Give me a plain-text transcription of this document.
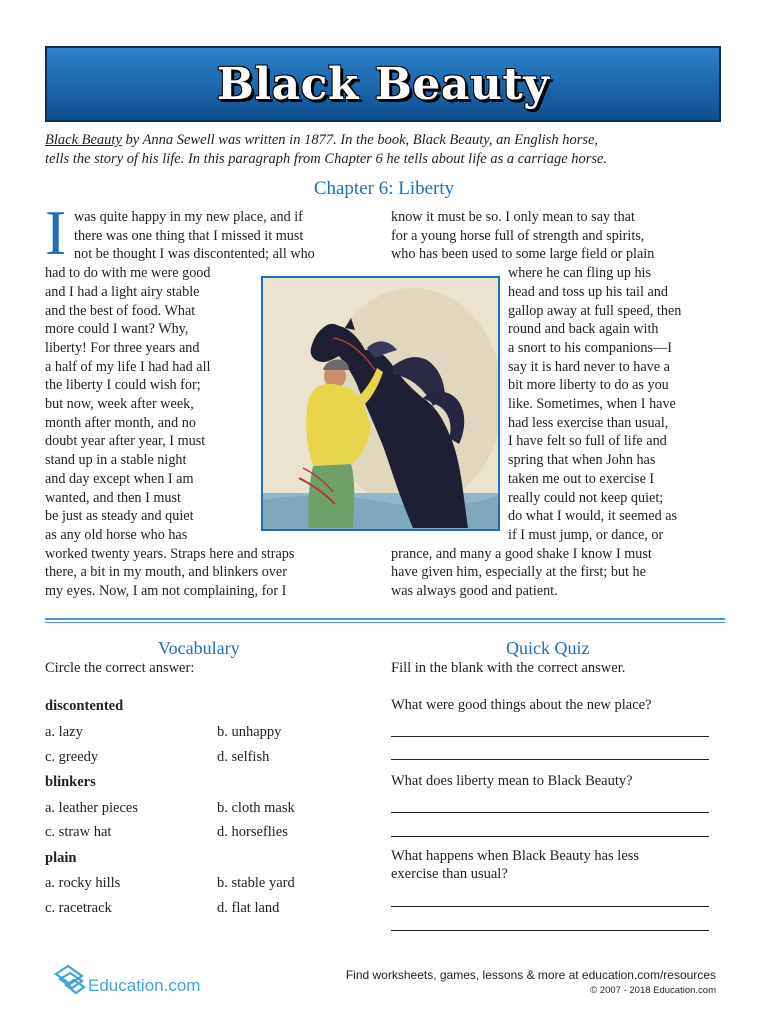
Black Beauty
Black Beauty by Anna Sewell was written in 1877. In the book, Black Beauty, an English horse,
tells the story of his life. In this paragraph from Chapter 6 he tells about life as a carriage horse.
Chapter 6: Liberty
I was quite happy in my new place, and if
there was one thing that I missed it must
not be thought I was discontented; all who
had to do with me were good
and I had a light airy stable
and the best of food. What
more could I want? Why,
liberty! For three years and
a half of my life I had had all
the liberty I could wish for;
but now, week after week,
month after month, and no
doubt year after year, I must
stand up in a stable night
and day except when I am
wanted, and then I must
be just as steady and quiet
as any old horse who has
worked twenty years. Straps here and straps
there, a bit in my mouth, and blinkers over
my eyes. Now, I am not complaining, for I
know it must be so. I only mean to say that
for a young horse full of strength and spirits,
who has been used to some large field or plain
where he can fling up his
head and toss up his tail and
gallop away at full speed, then
round and back again with
a snort to his companions—I
say it is hard never to have a
bit more liberty to do as you
like. Sometimes, when I have
had less exercise than usual,
I have felt so full of life and
spring that when John has
taken me out to exercise I
really could not keep quiet;
do what I would, it seemed as
if I must jump, or dance, or
prance, and many a good shake I know I must
have given him, especially at the first; but he
was always good and patient.
Vocabulary
Circle the correct answer:
discontented
a. lazy	b. unhappy
c. greedy	d. selfish
blinkers
a. leather pieces	b. cloth mask
c. straw hat	d. horseflies
plain
a. rocky hills	b. stable yard
c. racetrack	d. flat land
Quick Quiz
Fill in the blank with the correct answer.
What were good things about the new place?
What does liberty mean to Black Beauty?
What happens when Black Beauty has less
exercise than usual?
Education.com
Find worksheets, games, lessons & more at education.com/resources
© 2007 - 2018 Education.com
